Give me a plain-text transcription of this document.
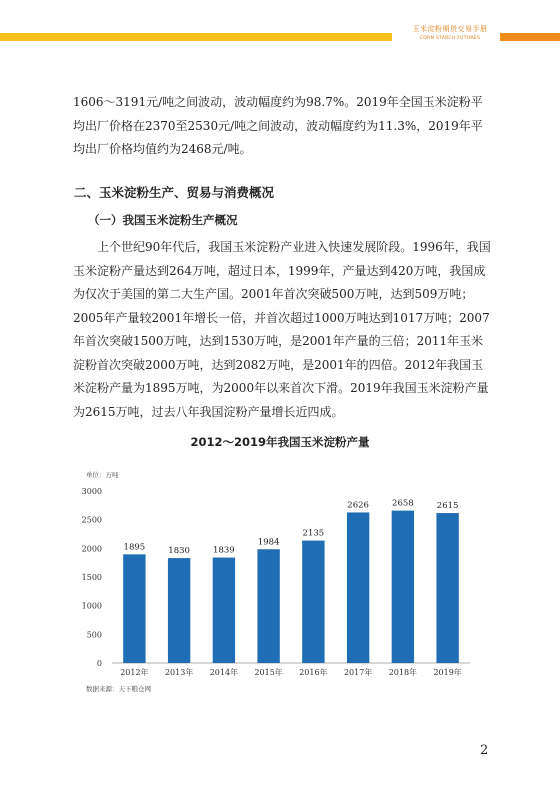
玉米淀粉期货交易手册
CORN STARCH FUTURES

1606～3191元/吨之间波动，波动幅度约为98.7%。2019年全国玉米淀粉平均出厂价格在2370至2530元/吨之间波动，波动幅度约为11.3%，2019年平均出厂价格均值约为2468元/吨。

二、玉米淀粉生产、贸易与消费概况
（一）我国玉米淀粉生产概况

上个世纪90年代后，我国玉米淀粉产业进入快速发展阶段。1996年，我国玉米淀粉产量达到264万吨，超过日本，1999年，产量达到420万吨，我国成为仅次于美国的第二大生产国。2001年首次突破500万吨，达到509万吨；2005年产量较2001年增长一倍，并首次超过1000万吨达到1017万吨；2007年首次突破1500万吨，达到1530万吨，是2001年产量的三倍；2011年玉米淀粉首次突破2000万吨，达到2082万吨，是2001年的四倍。2012年我国玉米淀粉产量为1895万吨，为2000年以来首次下滑。2019年我国玉米淀粉产量为2615万吨，过去八年我国淀粉产量增长近四成。

2012～2019年我国玉米淀粉产量
单位：万吨
0
500
1000
1500
2000
2500
3000
1895
2012年
1830
2013年
1839
2014年
1984
2015年
2135
2016年
2626
2017年
2658
2018年
2615
2019年
数据来源：天下粮仓网
2
